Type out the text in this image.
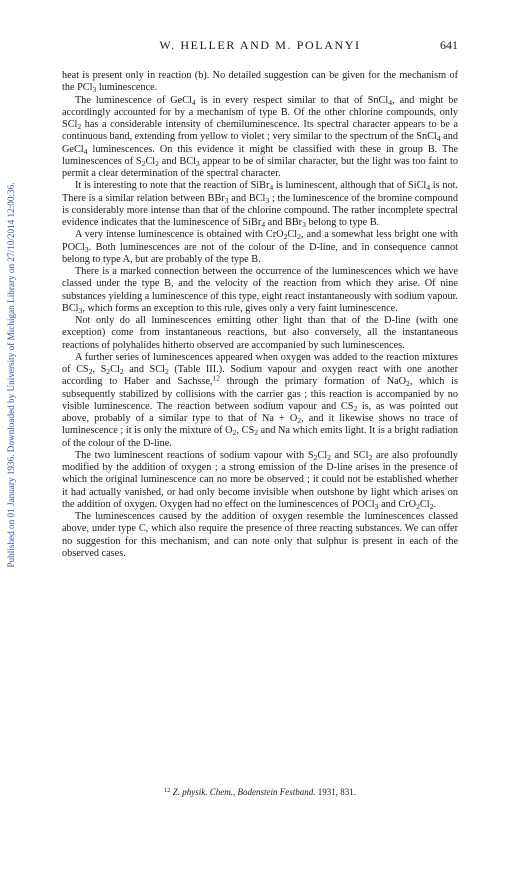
Published on 01 January 1936. Downloaded by University of Michigan Library on 27/10/2014 12:00:36.
W. HELLER AND M. POLANYI	641

heat is present only in reaction (b). No detailed suggestion can be given for the mechanism of the PCl$_3$ luminescence.

The luminescence of GeCl$_4$ is in every respect similar to that of SnCl$_4$, and might be accordingly accounted for by a mechanism of type B. Of the other chlorine compounds, only SCl$_2$ has a considerable intensity of chemiluminescence. Its spectral character appears to be a continuous band, extending from yellow to violet ; very similar to the spectrum of the SnCl$_4$ and GeCl$_4$ luminescences. On this evidence it might be classified with these in group B. The luminescences of $S_2Cl_2$ and BCl$_3$ appear to be of similar character, but the light was too faint to permit a clear determination of the spectral character.

It is interesting to note that the reaction of SiBr$_4$ is luminescent, although that of SiCl$_4$ is not. There is a similar relation between BBr$_3$ and BCl$_3$ ; the luminescence of the bromine compound is considerably more intense than that of the chlorine compound. The rather incomplete spectral evidence indicates that the luminescence of SiBr$_4$ and BBr$_3$ belong to type B.

A very intense luminescence is obtained with $CrO_2Cl_2$, and a somewhat less bright one with POCl$_3$. Both luminescences are not of the colour of the D-line, and in consequence cannot belong to type A, but are probably of the type B.

There is a marked connection between the occurrence of the luminescences which we have classed under the type B, and the velocity of the reaction from which they arise. Of nine substances yielding a luminescence of this type, eight react instantaneously with sodium vapour. BCl$_3$, which forms an exception to this rule, gives only a very faint luminescence.

Not only do all luminescences emitting other light than that of the D-line (with one exception) come from instantaneous reactions, but also conversely, all the instantaneous reactions of polyhalides hitherto observed are accompanied by such luminescences.

A further series of luminescences appeared when oxygen was added to the reaction mixtures of $CS_2$, $S_2Cl_2$ and SCl$_2$ (Table III.). Sodium vapour and oxygen react with one another according to Haber and Sachsse,$^{12}$ through the primary formation of NaO$_2$, which is subsequently stabilized by collisions with the carrier gas ; this reaction is accompanied by no visible luminescence. The reaction between sodium vapour and $CS_2$ is, as was pointed out above, probably of a similar type to that of $Na + O_2$, and it likewise shows no trace of luminescence ; it is only the mixture of $O_2$, $CS_2$ and Na which emits light. It is a bright radiation of the colour of the D-line.

The two luminescent reactions of sodium vapour with $S_2Cl_2$ and SCl$_2$ are also profoundly modified by the addition of oxygen ; a strong emission of the D-line arises in the presence of which the original luminescence can no more be observed ; it could not be established whether it had actually vanished, or had only become invisible when outshone by light which arises on the addition of oxygen. Oxygen had no effect on the luminescences of POCl$_3$ and $CrO_2Cl_2$.

The luminescences caused by the addition of oxygen resemble the luminescences classed above, under type C, which also require the presence of three reacting substances. We can offer no suggestion for this mechanism, and can note only that sulphur is present in each of the observed cases.

$^{12}$ Z. physik. Chem., Bodenstein Festband. 1931, 831.
